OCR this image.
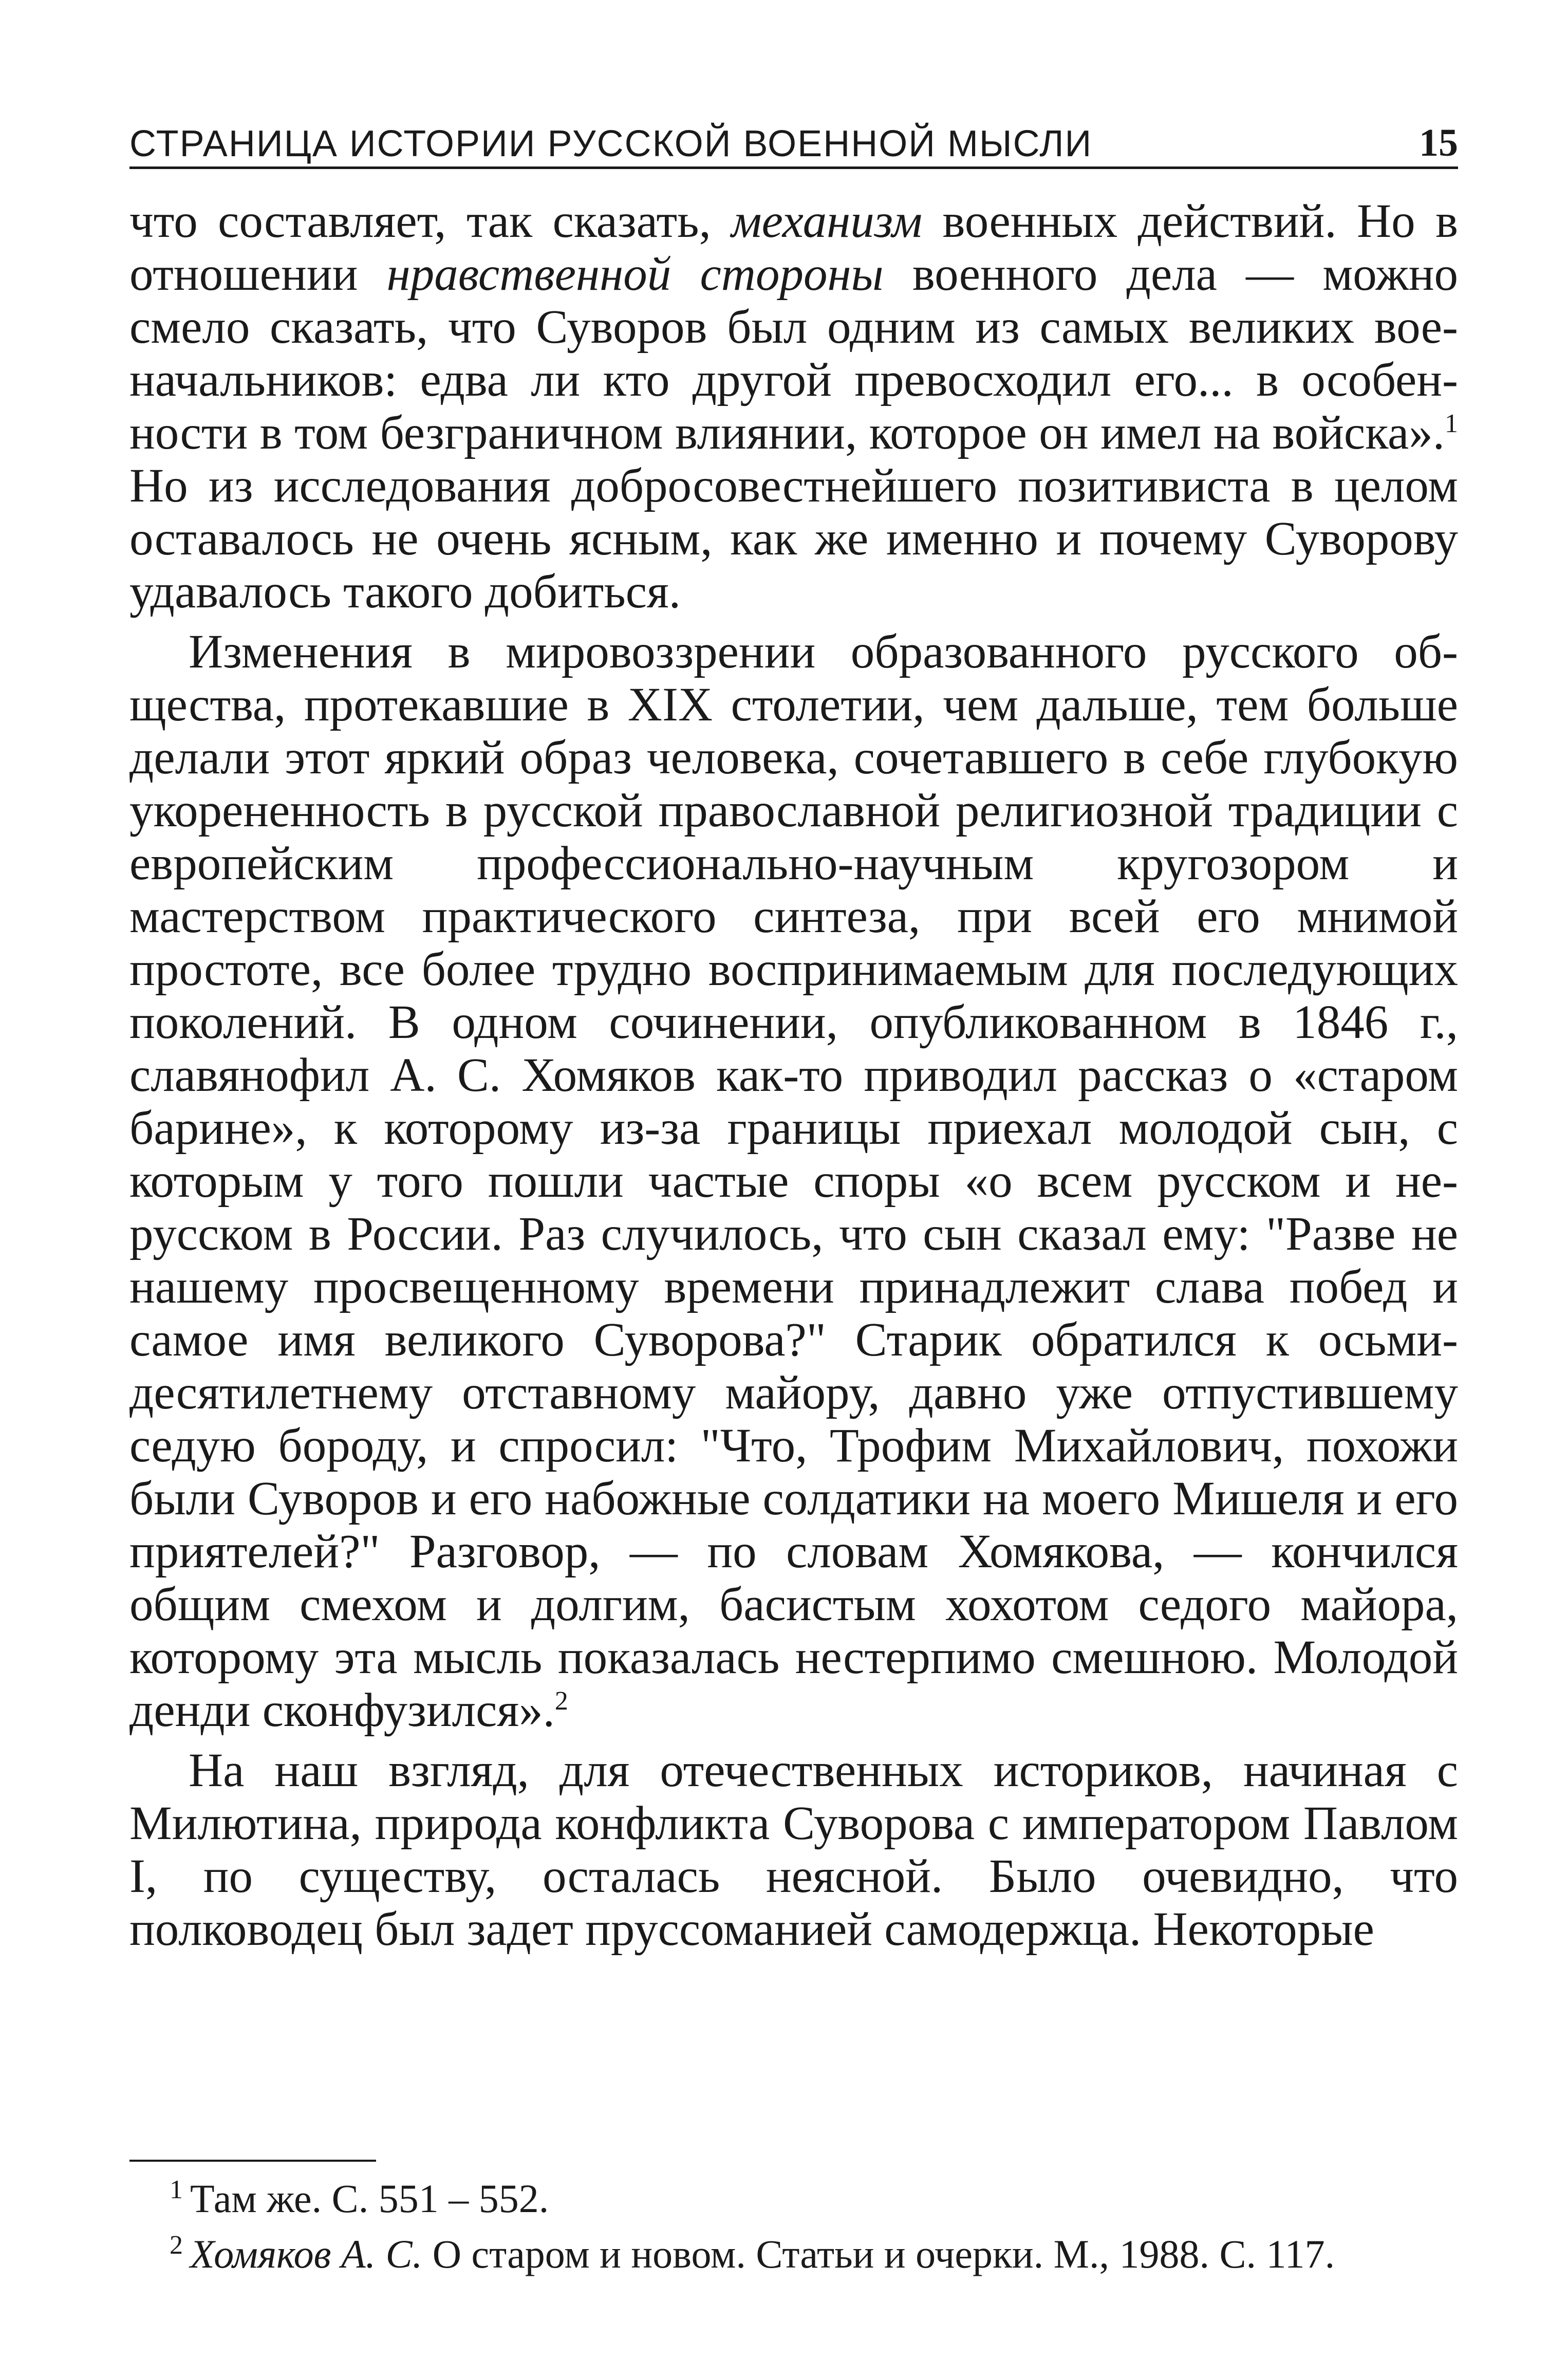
СТРАНИЦА ИСТОРИИ РУССКОЙ ВОЕННОЙ МЫСЛИ	15

что составляет, так сказать, механизм военных действий. Но в отношении нравственной стороны военного дела — можно смело сказать, что Суворов был одним из самых великих военачальников: едва ли кто другой превосходил его... в особенности в том безграничном влиянии, которое он имел на войска».$^1$ Но из исследования добросовестнейшего позитивиста в целом оставалось не очень ясным, как же именно и почему Суворову удавалось такого добиться.

Изменения в мировоззрении образованного русского общества, протекавшие в XIX столетии, чем дальше, тем больше делали этот яркий образ человека, сочетавшего в себе глубокую укорененность в русской православной религиозной традиции с европейским профессионально-научным кругозором и мастерством практического синтеза, при всей его мнимой простоте, все более трудно воспринимаемым для последующих поколений. В одном сочинении, опубликованном в 1846 г., славянофил А. С. Хомяков как-то приводил рассказ о «старом барине», к которому из-за границы приехал молодой сын, с которым у того пошли частые споры «о всем русском и нерусском в России. Раз случилось, что сын сказал ему: "Разве не нашему просвещенному времени принадлежит слава побед и самое имя великого Суворова?" Старик обратился к осьмидесятилетнему отставному майору, давно уже отпустившему седую бороду, и спросил: "Что, Трофим Михайлович, похожи были Суворов и его набожные солдатики на моего Мишеля и его приятелей?" Разговор, — по словам Хомякова, — кончился общим смехом и долгим, басистым хохотом седого майора, которому эта мысль показалась нестерпимо смешною. Молодой денди сконфузился».$^2$

На наш взгляд, для отечественных историков, начиная с Милютина, природа конфликта Суворова с императором Павлом I, по существу, осталась неясной. Было очевидно, что полководец был задет пруссоманией самодержца. Некоторые

$^1$ Там же. С. 551 – 552.

$^2$ Хомяков А. С. О старом и новом. Статьи и очерки. М., 1988. С. 117.
